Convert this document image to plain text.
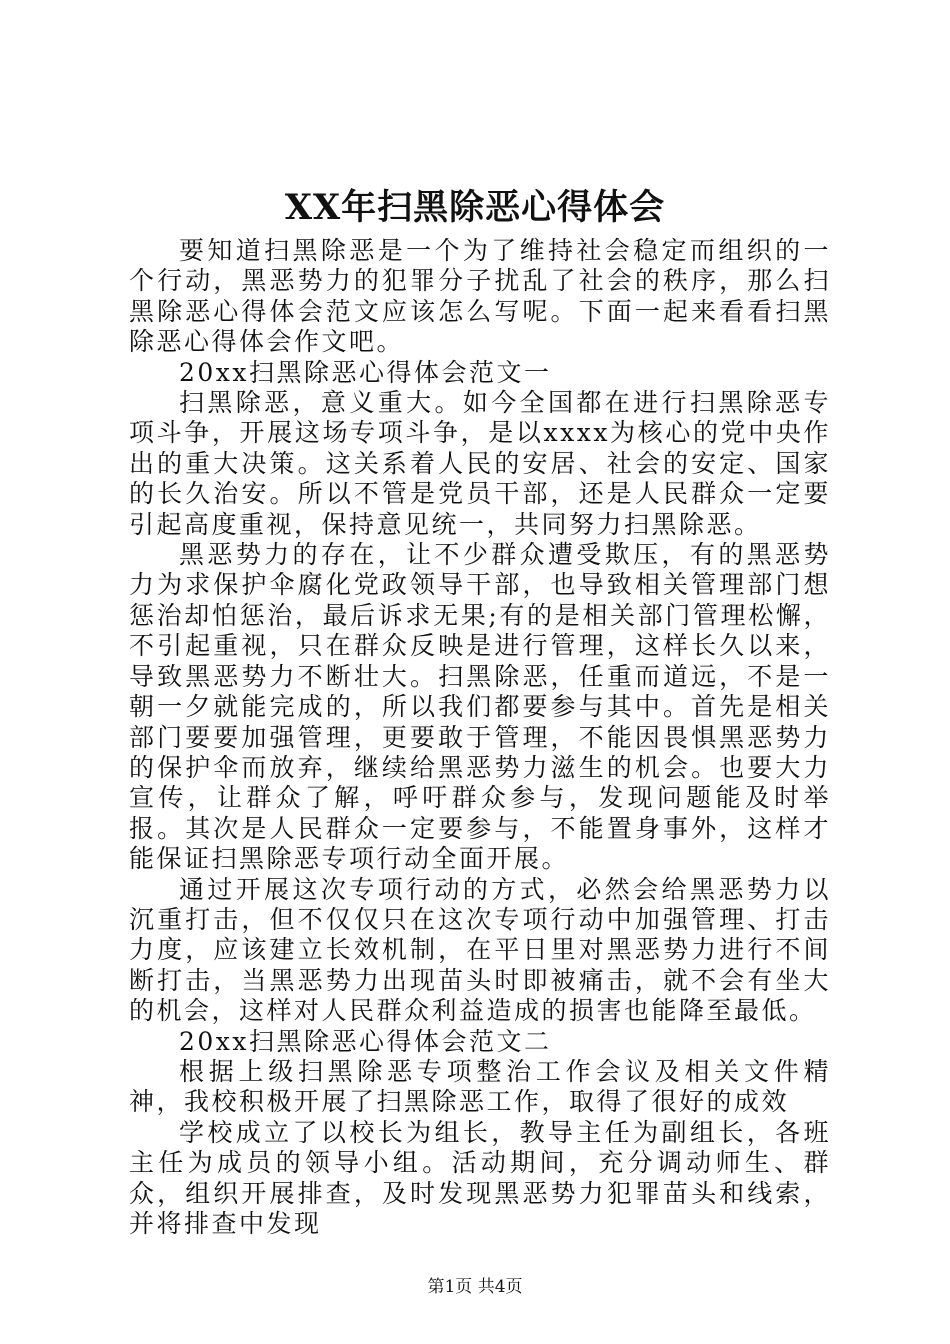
XX年扫黑除恶心得体会

要知道扫黑除恶是一个为了维持社会稳定而组织的一个行动，黑恶势力的犯罪分子扰乱了社会的秩序，那么扫黑除恶心得体会范文应该怎么写呢。下面一起来看看扫黑除恶心得体会作文吧。

20xx扫黑除恶心得体会范文一

扫黑除恶，意义重大。如今全国都在进行扫黑除恶专项斗争，开展这场专项斗争，是以xxxx为核心的党中央作出的重大决策。这关系着人民的安居、社会的安定、国家的长久治安。所以不管是党员干部，还是人民群众一定要引起高度重视，保持意见统一，共同努力扫黑除恶。

黑恶势力的存在，让不少群众遭受欺压，有的黑恶势力为求保护伞腐化党政领导干部，也导致相关管理部门想惩治却怕惩治，最后诉求无果;有的是相关部门管理松懈，不引起重视，只在群众反映是进行管理，这样长久以来，导致黑恶势力不断壮大。扫黑除恶，任重而道远，不是一朝一夕就能完成的，所以我们都要参与其中。首先是相关部门要要加强管理，更要敢于管理，不能因畏惧黑恶势力的保护伞而放弃，继续给黑恶势力滋生的机会。也要大力宣传，让群众了解，呼吁群众参与，发现问题能及时举报。其次是人民群众一定要参与，不能置身事外，这样才能保证扫黑除恶专项行动全面开展。

通过开展这次专项行动的方式，必然会给黑恶势力以沉重打击，但不仅仅只在这次专项行动中加强管理、打击力度，应该建立长效机制，在平日里对黑恶势力进行不间断打击，当黑恶势力出现苗头时即被痛击，就不会有坐大的机会，这样对人民群众利益造成的损害也能降至最低。

20xx扫黑除恶心得体会范文二

根据上级扫黑除恶专项整治工作会议及相关文件精神，我校积极开展了扫黑除恶工作，取得了很好的成效

学校成立了以校长为组长，教导主任为副组长，各班主任为成员的领导小组。活动期间，充分调动师生、群众，组织开展排查，及时发现黑恶势力犯罪苗头和线索，并将排查中发现

第1页 共4页
